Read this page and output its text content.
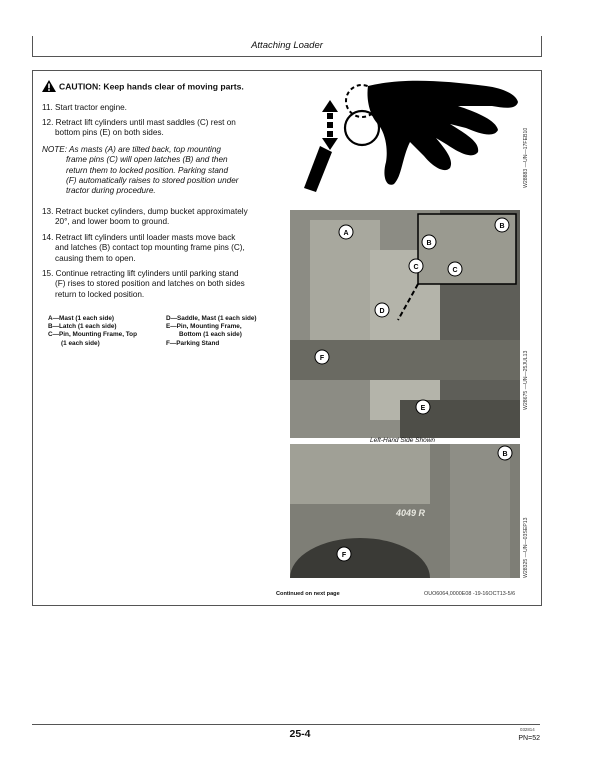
Attaching Loader
CAUTION: Keep hands clear of moving parts.
11. Start tractor engine.
12. Retract lift cylinders until mast saddles (C) rest on
bottom pins (E) on both sides.
NOTE: As masts (A) are tilted back, top mounting
frame pins (C) will open latches (B) and then
return them to locked position. Parking stand
(F) automatically raises to stored position under
tractor during procedure.
13. Retract bucket cylinders, dump bucket approximately
20°, and lower boom to ground.
14. Retract lift cylinders until loader masts move back
and latches (B) contact top mounting frame pins (C),
causing them to open.
15. Continue retracting lift cylinders until parking stand
(F) rises to stored position and latches on both sides
return to locked position.
A—Mast (1 each side)
B—Latch (1 each side)
C—Pin, Mounting Frame, Top
(1 each side)
D—Saddle, Mast (1 each side)
E—Pin, Mounting Frame,
Bottom (1 each side)
F—Parking Stand
W28883 —UN—17FEB10
A
B
B
C	C
D
F
E	W28675 —UN—25JUL13
Left-Hand Side Shown
4049 R
B
F	W28325 —UN—03SEP13
Continued on next page	OUO6064,0000E08 -19-16OCT13-5/6
25-4	032814
PN=52
